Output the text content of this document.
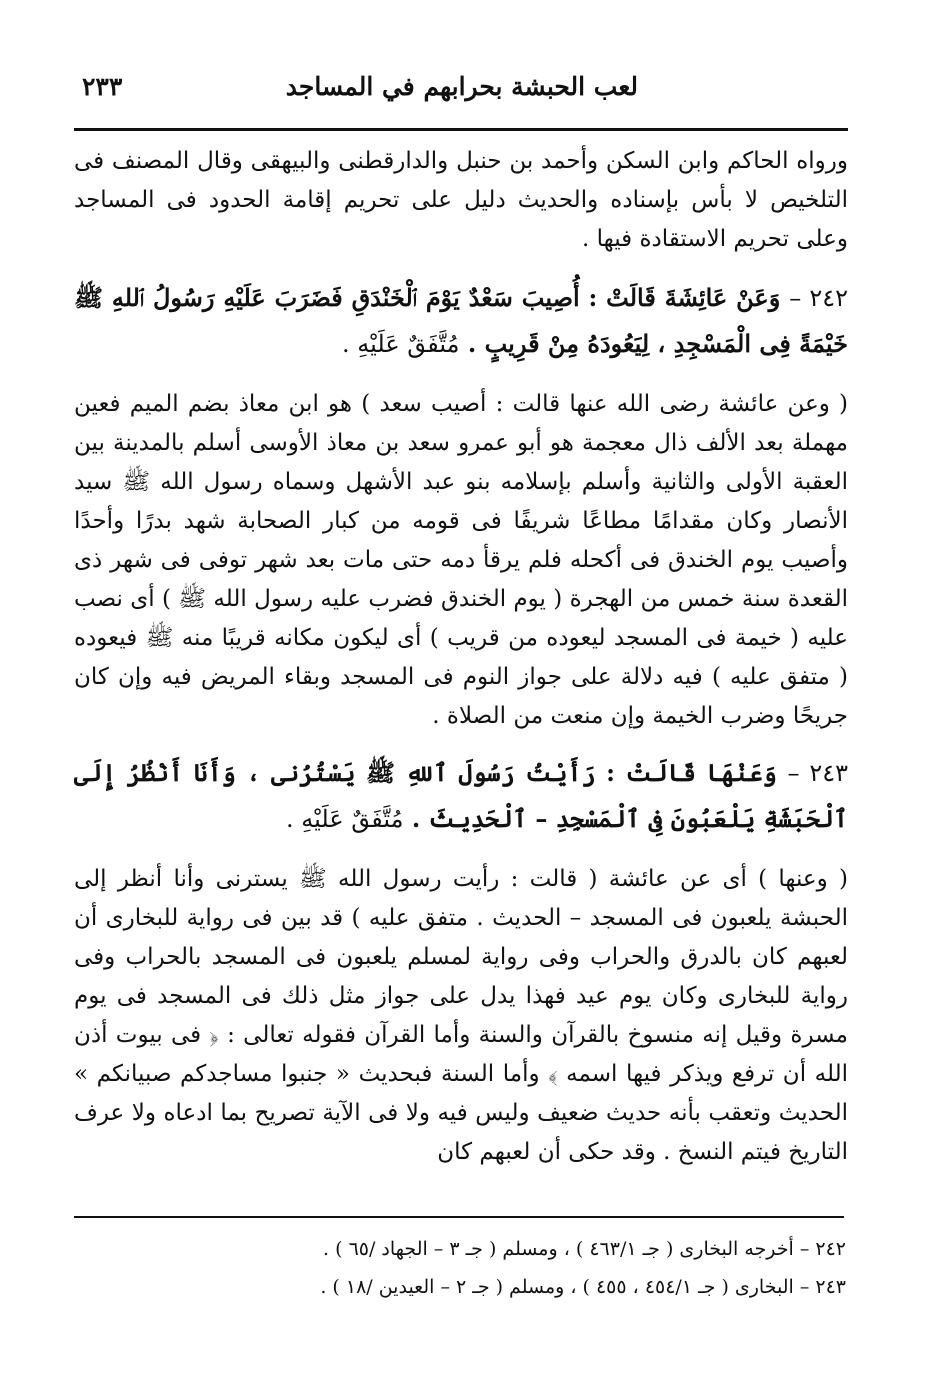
لعب الحبشة بحرابهم في المساجد
٢٣٣

ورواه الحاكم وابن السكن وأحمد بن حنبل والدارقطنى والبيهقى وقال المصنف فى التلخيص لا بأس بإسناده والحديث دليل على تحريم إقامة الحدود فى المساجد وعلى تحريم الاستقادة فيها .

٢٤٢ – وَعَنْ عَائِشَةَ قَالَتْ : أُصِيبَ سَعْدٌ يَوْمَ ٱلْخَنْدَقِ فَضَرَبَ عَلَيْهِ رَسُولُ ٱللهِ ﷺ خَيْمَةً فِى الْمَسْجِدِ ، لِيَعُودَهُ مِنْ قَرِيبٍ . مُتَّفَقٌ عَلَيْهِ .

( وعن عائشة رضى الله عنها قالت : أصيب سعد ) هو ابن معاذ بضم الميم فعين مهملة بعد الألف ذال معجمة هو أبو عمرو سعد بن معاذ الأوسى أسلم بالمدينة بين العقبة الأولى والثانية وأسلم بإسلامه بنو عبد الأشهل وسماه رسول الله ﷺ سيد الأنصار وكان مقدامًا مطاعًا شريفًا فى قومه من كبار الصحابة شهد بدرًا وأحدًا وأصيب يوم الخندق فى أكحله فلم يرقأ دمه حتى مات بعد شهر توفى فى شهر ذى القعدة سنة خمس من الهجرة ( يوم الخندق فضرب عليه رسول الله ﷺ ) أى نصب عليه ( خيمة فى المسجد ليعوده من قريب ) أى ليكون مكانه قريبًا منه ﷺ فيعوده ( متفق عليه ) فيه دلالة على جواز النوم فى المسجد وبقاء المريض فيه وإن كان جريحًا وضرب الخيمة وإن منعت من الصلاة .

٢٤٣ – وَعَنْهَا قَالَتْ : رَأَيْتُ رَسُولَ ٱللهِ ﷺ يَسْتُرُنى ، وَأَنَا أَنْظُرُ إِلَى ٱلْحَبَشَةِ يَلْعَبُونَ فِى ٱلْمَسْجِدِ – ٱلْحَدِيثَ . مُتَّفَقٌ عَلَيْهِ .

( وعنها ) أى عن عائشة ( قالت : رأيت رسول الله ﷺ يسترنى وأنا أنظر إلى الحبشة يلعبون فى المسجد – الحديث . متفق عليه ) قد بين فى رواية للبخارى أن لعبهم كان بالدرق والحراب وفى رواية لمسلم يلعبون فى المسجد بالحراب وفى رواية للبخارى وكان يوم عيد فهذا يدل على جواز مثل ذلك فى المسجد فى يوم مسرة وقيل إنه منسوخ بالقرآن والسنة وأما القرآن فقوله تعالى : ﴿ فى بيوت أذن الله أن ترفع ويذكر فيها اسمه ﴾ وأما السنة فبحديث « جنبوا مساجدكم صبيانكم » الحديث وتعقب بأنه حديث ضعيف وليس فيه ولا فى الآية تصريح بما ادعاه ولا عرف التاريخ فيتم النسخ . وقد حكى أن لعبهم كان

٢٤٢ – أخرجه البخارى ( جـ ٤٦٣/١ ) ، ومسلم ( جـ ٣ – الجهاد /٦٥ ) .

٢٤٣ – البخارى ( جـ ٤٥٤/١ ، ٤٥٥ ) ، ومسلم ( جـ ٢ – العيدين /١٨ ) .
